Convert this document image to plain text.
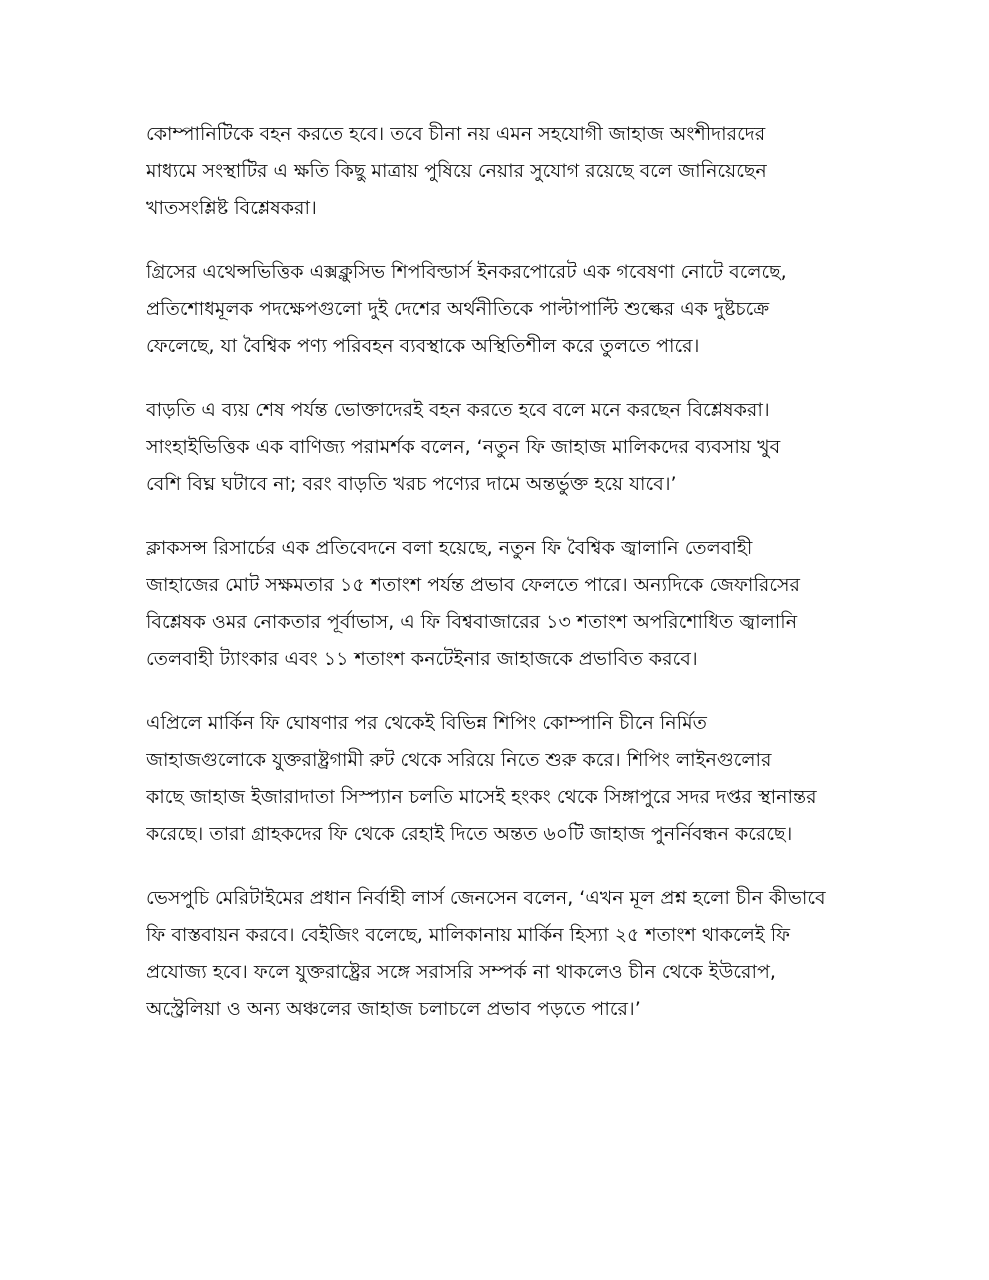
কোম্পানিটিকে বহন করতে হবে। তবে চীনা নয় এমন সহযোগী জাহাজ অংশীদারদের
মাধ্যমে সংস্থাটির এ ক্ষতি কিছু মাত্রায় পুষিয়ে নেয়ার সুযোগ রয়েছে বলে জানিয়েছেন
খাতসংশ্লিষ্ট বিশ্লেষকরা।

গ্রিসের এথেন্সভিত্তিক এক্সক্লুসিভ শিপবিল্ডার্স ইনকরপোরেট এক গবেষণা নোটে বলেছে,
প্রতিশোধমূলক পদক্ষেপগুলো দুই দেশের অর্থনীতিকে পাল্টাপাল্টি শুল্কের এক দুষ্টচক্রে
ফেলেছে, যা বৈশ্বিক পণ্য পরিবহন ব্যবস্থাকে অস্থিতিশীল করে তুলতে পারে।

বাড়তি এ ব্যয় শেষ পর্যন্ত ভোক্তাদেরই বহন করতে হবে বলে মনে করছেন বিশ্লেষকরা।
সাংহাইভিত্তিক এক বাণিজ্য পরামর্শক বলেন, ‘নতুন ফি জাহাজ মালিকদের ব্যবসায় খুব
বেশি বিঘ্ন ঘটাবে না; বরং বাড়তি খরচ পণ্যের দামে অন্তর্ভুক্ত হয়ে যাবে।’

ক্লাকসন্স রিসার্চের এক প্রতিবেদনে বলা হয়েছে, নতুন ফি বৈশ্বিক জ্বালানি তেলবাহী
জাহাজের মোট সক্ষমতার ১৫ শতাংশ পর্যন্ত প্রভাব ফেলতে পারে। অন্যদিকে জেফারিসের
বিশ্লেষক ওমর নোকতার পূর্বাভাস, এ ফি বিশ্ববাজারের ১৩ শতাংশ অপরিশোধিত জ্বালানি
তেলবাহী ট্যাংকার এবং ১১ শতাংশ কনটেইনার জাহাজকে প্রভাবিত করবে।

এপ্রিলে মার্কিন ফি ঘোষণার পর থেকেই বিভিন্ন শিপিং কোম্পানি চীনে নির্মিত
জাহাজগুলোকে যুক্তরাষ্ট্রগামী রুট থেকে সরিয়ে নিতে শুরু করে। শিপিং লাইনগুলোর
কাছে জাহাজ ইজারাদাতা সিস্প্যান চলতি মাসেই হংকং থেকে সিঙ্গাপুরে সদর দপ্তর স্থানান্তর
করেছে। তারা গ্রাহকদের ফি থেকে রেহাই দিতে অন্তত ৬০টি জাহাজ পুনর্নিবন্ধন করেছে।

ভেসপুচি মেরিটাইমের প্রধান নির্বাহী লার্স জেনসেন বলেন, ‘এখন মূল প্রশ্ন হলো চীন কীভাবে
ফি বাস্তবায়ন করবে। বেইজিং বলেছে, মালিকানায় মার্কিন হিস্যা ২৫ শতাংশ থাকলেই ফি
প্রযোজ্য হবে। ফলে যুক্তরাষ্ট্রের সঙ্গে সরাসরি সম্পর্ক না থাকলেও চীন থেকে ইউরোপ,
অস্ট্রেলিয়া ও অন্য অঞ্চলের জাহাজ চলাচলে প্রভাব পড়তে পারে।’
